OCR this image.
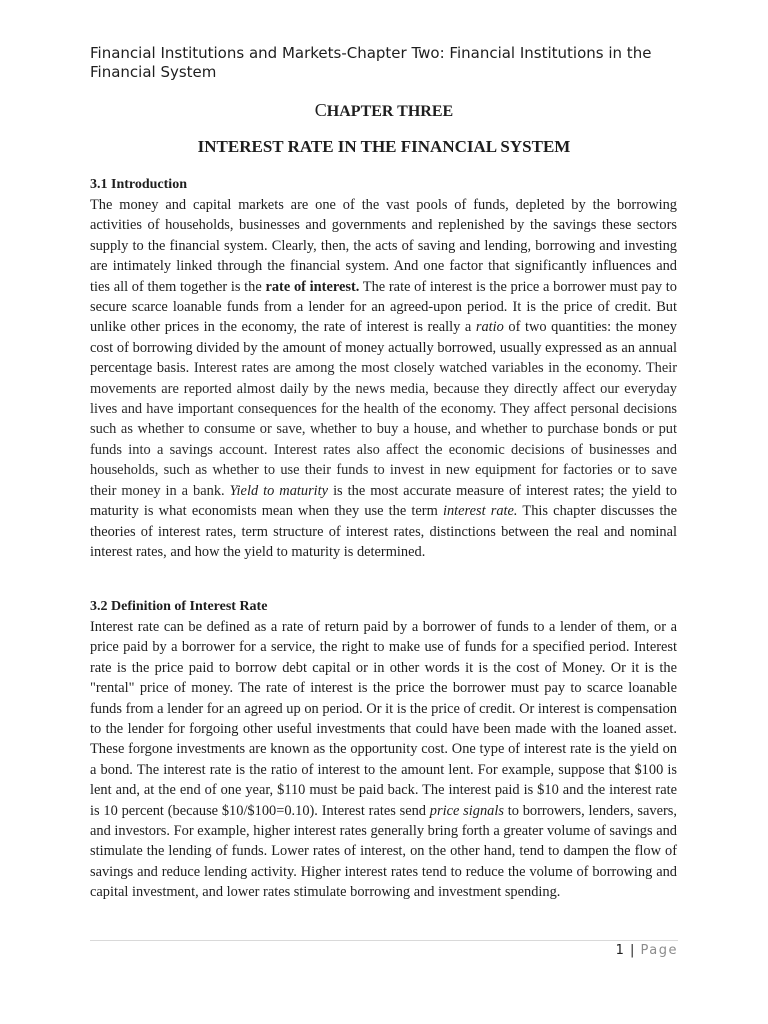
Financial Institutions and Markets-Chapter Two: Financial Institutions in the Financial System
CHAPTER THREE
INTEREST RATE IN THE FINANCIAL SYSTEM
3.1 Introduction

The money and capital markets are one of the vast pools of funds, depleted by the borrowing activities of households, businesses and governments and replenished by the savings these sectors supply to the financial system. Clearly, then, the acts of saving and lending, borrowing and investing are intimately linked through the financial system. And one factor that significantly influences and ties all of them together is the rate of interest. The rate of interest is the price a borrower must pay to secure scarce loanable funds from a lender for an agreed-upon period. It is the price of credit. But unlike other prices in the economy, the rate of interest is really a ratio of two quantities: the money cost of borrowing divided by the amount of money actually borrowed, usually expressed as an annual percentage basis. Interest rates are among the most closely watched variables in the economy. Their movements are reported almost daily by the news media, because they directly affect our everyday lives and have important consequences for the health of the economy. They affect personal decisions such as whether to consume or save, whether to buy a house, and whether to purchase bonds or put funds into a savings account. Interest rates also affect the economic decisions of businesses and households, such as whether to use their funds to invest in new equipment for factories or to save their money in a bank. Yield to maturity is the most accurate measure of interest rates; the yield to maturity is what economists mean when they use the term interest rate. This chapter discusses the theories of interest rates, term structure of interest rates, distinctions between the real and nominal interest rates, and how the yield to maturity is determined.

3.2 Definition of Interest Rate

Interest rate can be defined as a rate of return paid by a borrower of funds to a lender of them, or a price paid by a borrower for a service, the right to make use of funds for a specified period. Interest rate is the price paid to borrow debt capital or in other words it is the cost of Money. Or it is the "rental" price of money. The rate of interest is the price the borrower must pay to scarce loanable funds from a lender for an agreed up on period. Or it is the price of credit. Or interest is compensation to the lender for forgoing other useful investments that could have been made with the loaned asset. These forgone investments are known as the opportunity cost. One type of interest rate is the yield on a bond. The interest rate is the ratio of interest to the amount lent. For example, suppose that $100 is lent and, at the end of one year, $110 must be paid back. The interest paid is $10 and the interest rate is 10 percent (because $10/$100=0.10). Interest rates send price signals to borrowers, lenders, savers, and investors. For example, higher interest rates generally bring forth a greater volume of savings and stimulate the lending of funds. Lower rates of interest, on the other hand, tend to dampen the flow of savings and reduce lending activity. Higher interest rates tend to reduce the volume of borrowing and capital investment, and lower rates stimulate borrowing and investment spending.

1 | Page
